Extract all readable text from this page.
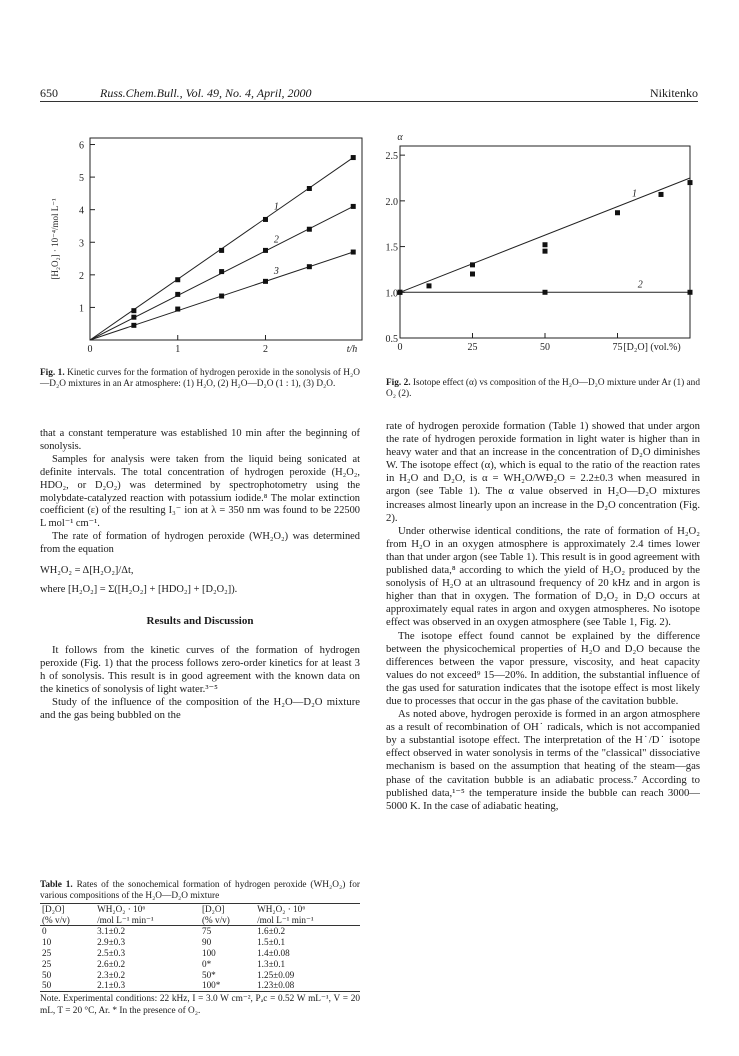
650	Russ.Chem.Bull., Vol. 49, No. 4, April, 2000	Nikitenko
1
2
3
4
5
6
0	1	2	t/h
[H₂O₂] · 10⁻⁴/mol L⁻¹	1
2
3
Fig. 1. Kinetic curves for the formation of hydrogen peroxide in the sonolysis of H₂O—D₂O mixtures in an Ar atmosphere: (1) H₂O, (2) H₂O—D₂O (1 : 1), (3) D₂O.
0.5
1.0
1.5
2.0
2.5
0	25	50	75 [D₂O] (vol.%)
α
1
2
Fig. 2. Isotope effect (α) vs composition of the H₂O—D₂O mixture under Ar (1) and O₂ (2).

that a constant temperature was established 10 min after the beginning of sonolysis.

Samples for analysis were taken from the liquid being sonicated at definite intervals. The total concentration of hydrogen peroxide (H₂O₂, HDO₂, or D₂O₂) was determined by spectrophotometry using the molybdate-catalyzed reaction with potassium iodide.⁸ The molar extinction coefficient (ε) of the resulting I₃⁻ ion at λ = 350 nm was found to be 22500 L mol⁻¹ cm⁻¹.

The rate of formation of hydrogen peroxide (WΗ₂Ο₂) was determined from the equation

WΗ₂Ο₂ = Δ[H₂O₂]/Δt,

where [H₂O₂] = Σ([H₂O₂] + [HDO₂] + [D₂O₂]).

Results and Discussion

It follows from the kinetic curves of the formation of hydrogen peroxide (Fig. 1) that the process follows zero-order kinetics for at least 3 h of sonolysis. This result is in good agreement with the known data on the kinetics of sonolysis of light water.³⁻⁵

Study of the influence of the composition of the H₂O—D₂O mixture and the gas being bubbled on the

Table 1. Rates of the sonochemical formation of hydrogen peroxide (WΗ₂Ο₂) for various compositions of the H₂O—D₂O mixture

[D₂O]	WΗ₂Ο₂ · 10⁶	[D₂O]	WΗ₂Ο₂ · 10⁶
(% v/v)	/mol L⁻¹ min⁻¹	(% v/v)	/mol L⁻¹ min⁻¹
0	3.1±0.2	75	1.6±0.2
10	2.9±0.3	90	1.5±0.1
25	2.5±0.3	100	1.4±0.08
25	2.6±0.2	0*	1.3±0.1
50	2.3±0.2	50*	1.25±0.09
50	2.1±0.3	100*	1.23±0.08

Note. Experimental conditions: 22 kHz, I = 3.0 W cm⁻², Pₐc = 0.52 W mL⁻¹, V = 20 mL, T = 20 °C, Ar. * In the presence of O₂.

rate of hydrogen peroxide formation (Table 1) showed that under argon the rate of hydrogen peroxide formation in light water is higher than in heavy water and that an increase in the concentration of D₂O diminishes W. The isotope effect (α), which is equal to the ratio of the reaction rates in H₂O and D₂O, is α = WΗ₂Ο/WĐ₂Ο = 2.2±0.3 when measured in argon (see Table 1). The α value observed in H₂O—D₂O mixtures increases almost linearly upon an increase in the D₂O concentration (Fig. 2).

Under otherwise identical conditions, the rate of formation of H₂O₂ from H₂O in an oxygen atmosphere is approximately 2.4 times lower than that under argon (see Table 1). This result is in good agreement with published data,⁸ according to which the yield of H₂O₂ produced by the sonolysis of H₂O at an ultrasound frequency of 20 kHz and in argon is higher than that in oxygen. The formation of D₂O₂ in D₂O occurs at approximately equal rates in argon and oxygen atmospheres. No isotope effect was observed in an oxygen atmosphere (see Table 1, Fig. 2).

The isotope effect found cannot be explained by the difference between the physicochemical properties of H₂O and D₂O because the differences between the vapor pressure, viscosity, and heat capacity values do not exceed⁹ 15—20%. In addition, the substantial influence of the gas used for saturation indicates that the isotope effect is most likely due to processes that occur in the gas phase of the cavitation bubble.

As noted above, hydrogen peroxide is formed in an argon atmosphere as a result of recombination of OH˙ radicals, which is not accompanied by a substantial isotope effect. The interpretation of the H˙/D˙ isotope effect observed in water sonolysis in terms of the "classical" dissociative mechanism is based on the assumption that heating of the steam—gas phase of the cavitation bubble is an adiabatic process.⁷ According to published data,¹⁻⁵ the temperature inside the bubble can reach 3000—5000 K. In the case of adiabatic heating,
